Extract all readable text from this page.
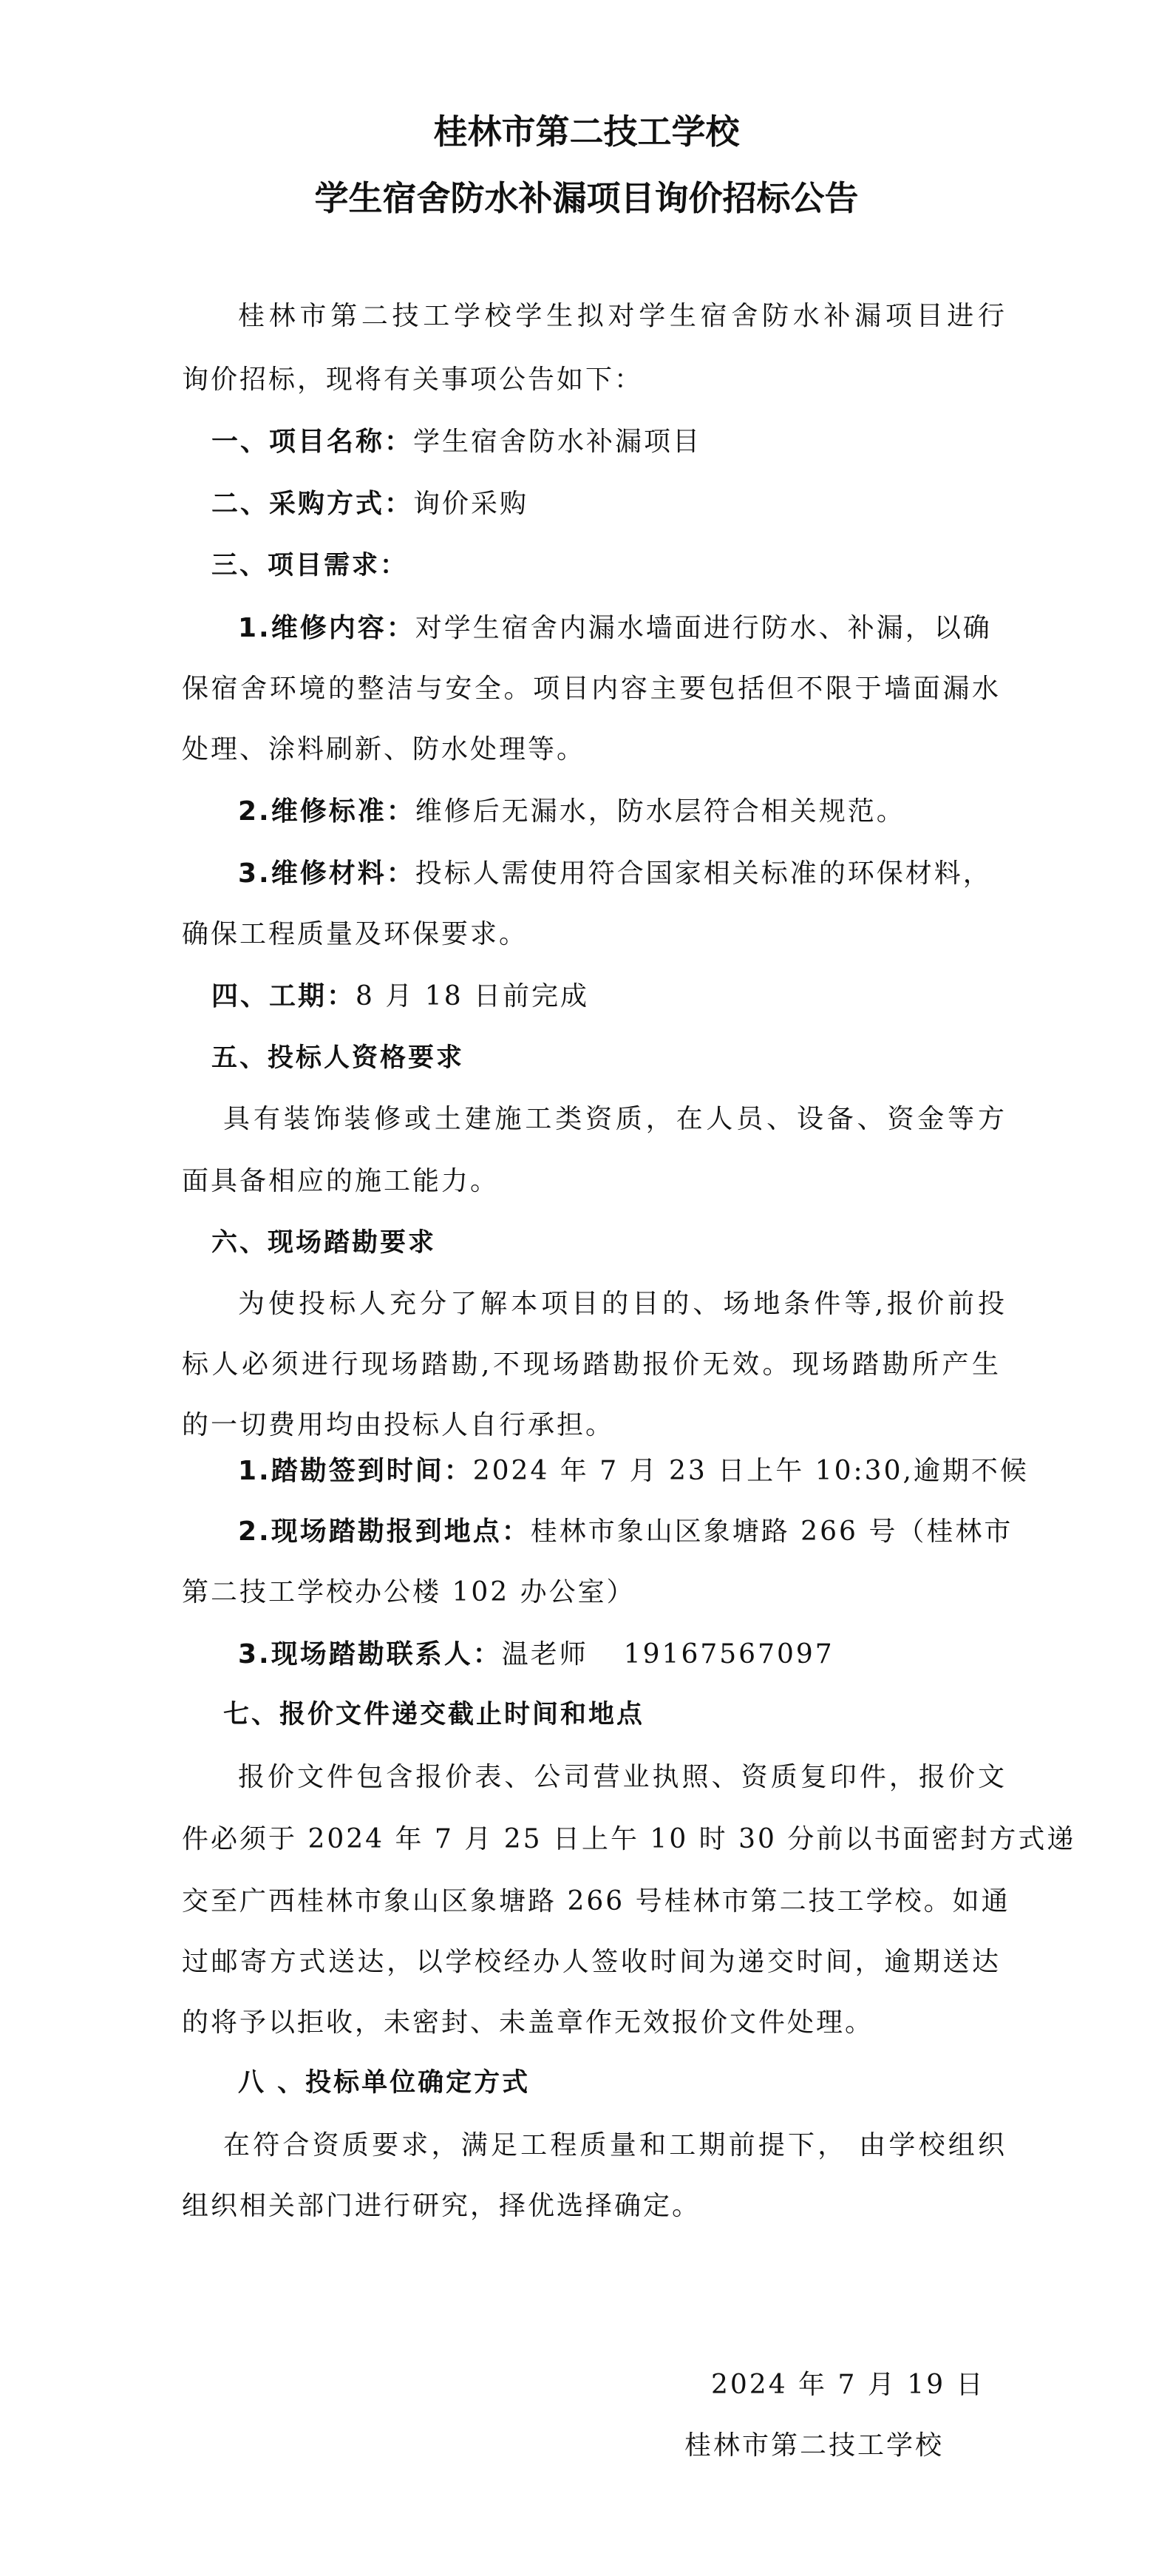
桂林市第二技工学校
学生宿舍防水补漏项目询价招标公告
桂林市第二技工学校学生拟对学生宿舍防水补漏项目进行
询价招标，现将有关事项公告如下：
一、项目名称：学生宿舍防水补漏项目
二、采购方式：询价采购
三、项目需求：
1.维修内容：对学生宿舍内漏水墙面进行防水、补漏，以确
保宿舍环境的整洁与安全。项目内容主要包括但不限于墙面漏水
处理、涂料刷新、防水处理等。
2.维修标准：维修后无漏水，防水层符合相关规范。
3.维修材料：投标人需使用符合国家相关标准的环保材料，
确保工程质量及环保要求。
四、工期：8 月 18 日前完成
五、投标人资格要求
具有装饰装修或土建施工类资质，在人员、设备、资金等方
面具备相应的施工能力。
六、现场踏勘要求
为使投标人充分了解本项目的目的、场地条件等,报价前投
标人必须进行现场踏勘,不现场踏勘报价无效。现场踏勘所产生
的一切费用均由投标人自行承担。
1.踏勘签到时间：2024 年 7 月 23 日上午 10:30,逾期不候
2.现场踏勘报到地点：桂林市象山区象塘路 266 号（桂林市
第二技工学校办公楼 102 办公室）
3.现场踏勘联系人：温老师 19167567097
七、报价文件递交截止时间和地点
报价文件包含报价表、公司营业执照、资质复印件，报价文
件必须于 2024 年 7 月 25 日上午 10 时 30 分前以书面密封方式递
交至广西桂林市象山区象塘路 266 号桂林市第二技工学校。如通
过邮寄方式送达，以学校经办人签收时间为递交时间，逾期送达
的将予以拒收，未密封、未盖章作无效报价文件处理。
八 、投标单位确定方式
在符合资质要求，满足工程质量和工期前提下， 由学校组织
组织相关部门进行研究，择优选择确定。
2024 年 7 月 19 日
桂林市第二技工学校
